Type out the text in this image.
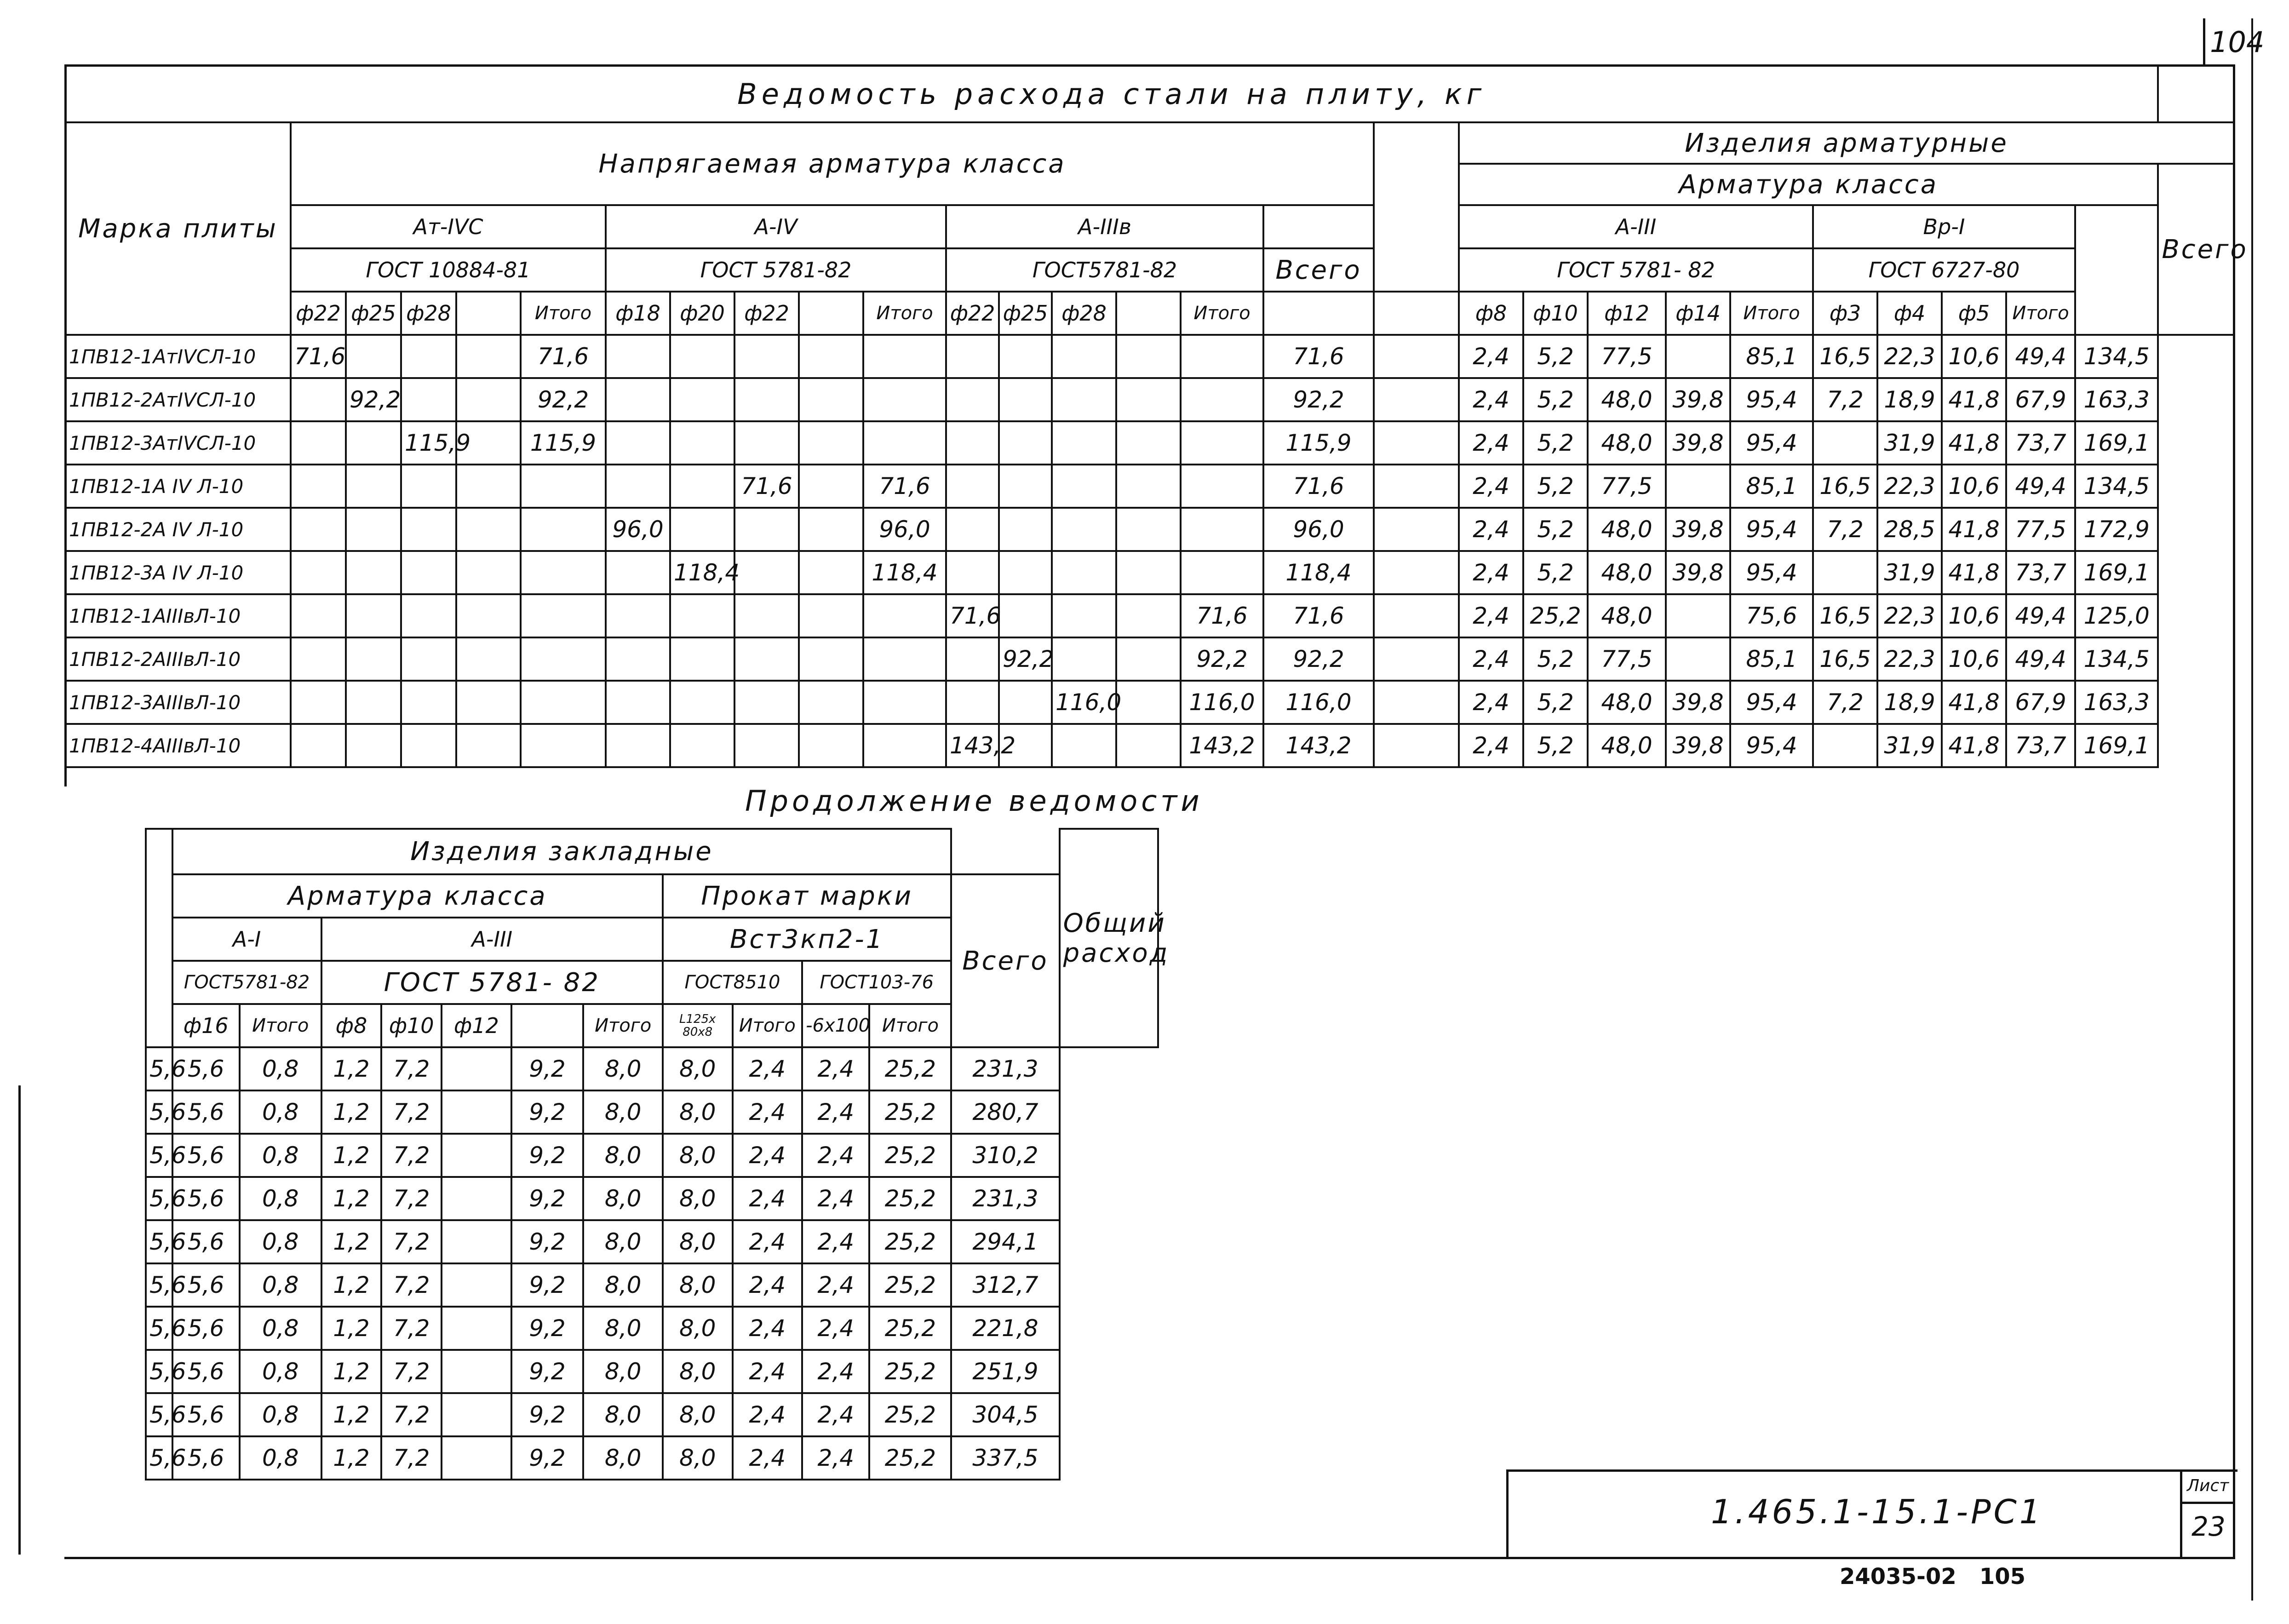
104
Ведомость расхода стали на плиту, кг																												
Марка плиты	Напрягаемая арматура класса																	Изделия арматурные										
																		Арматура класса										Всего
	Ат-IVC					А-IV					А-IIIв							А-III					Вр-I					
	ГОСТ 10884-81					ГОСТ 5781-82					ГОСТ5781-82					Всего		ГОСТ 5781- 82					ГОСТ 6727-80					
	ф22	ф25	ф28		Итого	ф18	ф20	ф22		Итого	ф22	ф25	ф28		Итого			ф8	ф10	ф12	ф14	Итого	ф3	ф4	ф5	Итого		
1ПВ12-1АтIVCЛ-10	71,6				71,6											71,6		2,4	5,2	77,5		85,1	16,5	22,3	10,6	49,4	134,5	
1ПВ12-2АтIVCЛ-10		92,2			92,2											92,2		2,4	5,2	48,0	39,8	95,4	7,2	18,9	41,8	67,9	163,3	
1ПВ12-3АтIVCЛ-10			115,9		115,9											115,9		2,4	5,2	48,0	39,8	95,4		31,9	41,8	73,7	169,1	
1ПВ12-1А IV Л-10								71,6		71,6						71,6		2,4	5,2	77,5		85,1	16,5	22,3	10,6	49,4	134,5	
1ПВ12-2А IV Л-10						96,0				96,0						96,0		2,4	5,2	48,0	39,8	95,4	7,2	28,5	41,8	77,5	172,9	
1ПВ12-3А IV Л-10							118,4			118,4						118,4		2,4	5,2	48,0	39,8	95,4		31,9	41,8	73,7	169,1	
1ПВ12-1АIIIвЛ-10											71,6				71,6	71,6		2,4	25,2	48,0		75,6	16,5	22,3	10,6	49,4	125,0	
1ПВ12-2АIIIвЛ-10												92,2			92,2	92,2		2,4	5,2	77,5		85,1	16,5	22,3	10,6	49,4	134,5	
1ПВ12-3АIIIвЛ-10													116,0		116,0	116,0		2,4	5,2	48,0	39,8	95,4	7,2	18,9	41,8	67,9	163,3	
1ПВ12-4АIIIвЛ-10											143,2				143,2	143,2		2,4	5,2	48,0	39,8	95,4		31,9	41,8	73,7	169,1	
Продолжение ведомости
	Изделия закладные												Общий расход
	Арматура класса							Прокат марки				Всего	
	А-I		А-III					Вст3кп2-1					
	ГОСТ5781-82		ГОСТ 5781- 82					ГОСТ8510		ГОСТ103-76			
	ф16	Итого	ф8	ф10	ф12		Итого	L125x 80x8	Итого	-6x100	Итого		
5,6	5,6	0,8	1,2	7,2		9,2	8,0	8,0	2,4	2,4	25,2	231,3	
5,6	5,6	0,8	1,2	7,2		9,2	8,0	8,0	2,4	2,4	25,2	280,7	
5,6	5,6	0,8	1,2	7,2		9,2	8,0	8,0	2,4	2,4	25,2	310,2	
5,6	5,6	0,8	1,2	7,2		9,2	8,0	8,0	2,4	2,4	25,2	231,3	
5,6	5,6	0,8	1,2	7,2		9,2	8,0	8,0	2,4	2,4	25,2	294,1	
5,6	5,6	0,8	1,2	7,2		9,2	8,0	8,0	2,4	2,4	25,2	312,7	
5,6	5,6	0,8	1,2	7,2		9,2	8,0	8,0	2,4	2,4	25,2	221,8	
5,6	5,6	0,8	1,2	7,2		9,2	8,0	8,0	2,4	2,4	25,2	251,9	
5,6	5,6	0,8	1,2	7,2		9,2	8,0	8,0	2,4	2,4	25,2	304,5	
5,6	5,6	0,8	1,2	7,2		9,2	8,0	8,0	2,4	2,4	25,2	337,5	
1.465.1-15.1-РС1
Лист
23
24035-02   105
